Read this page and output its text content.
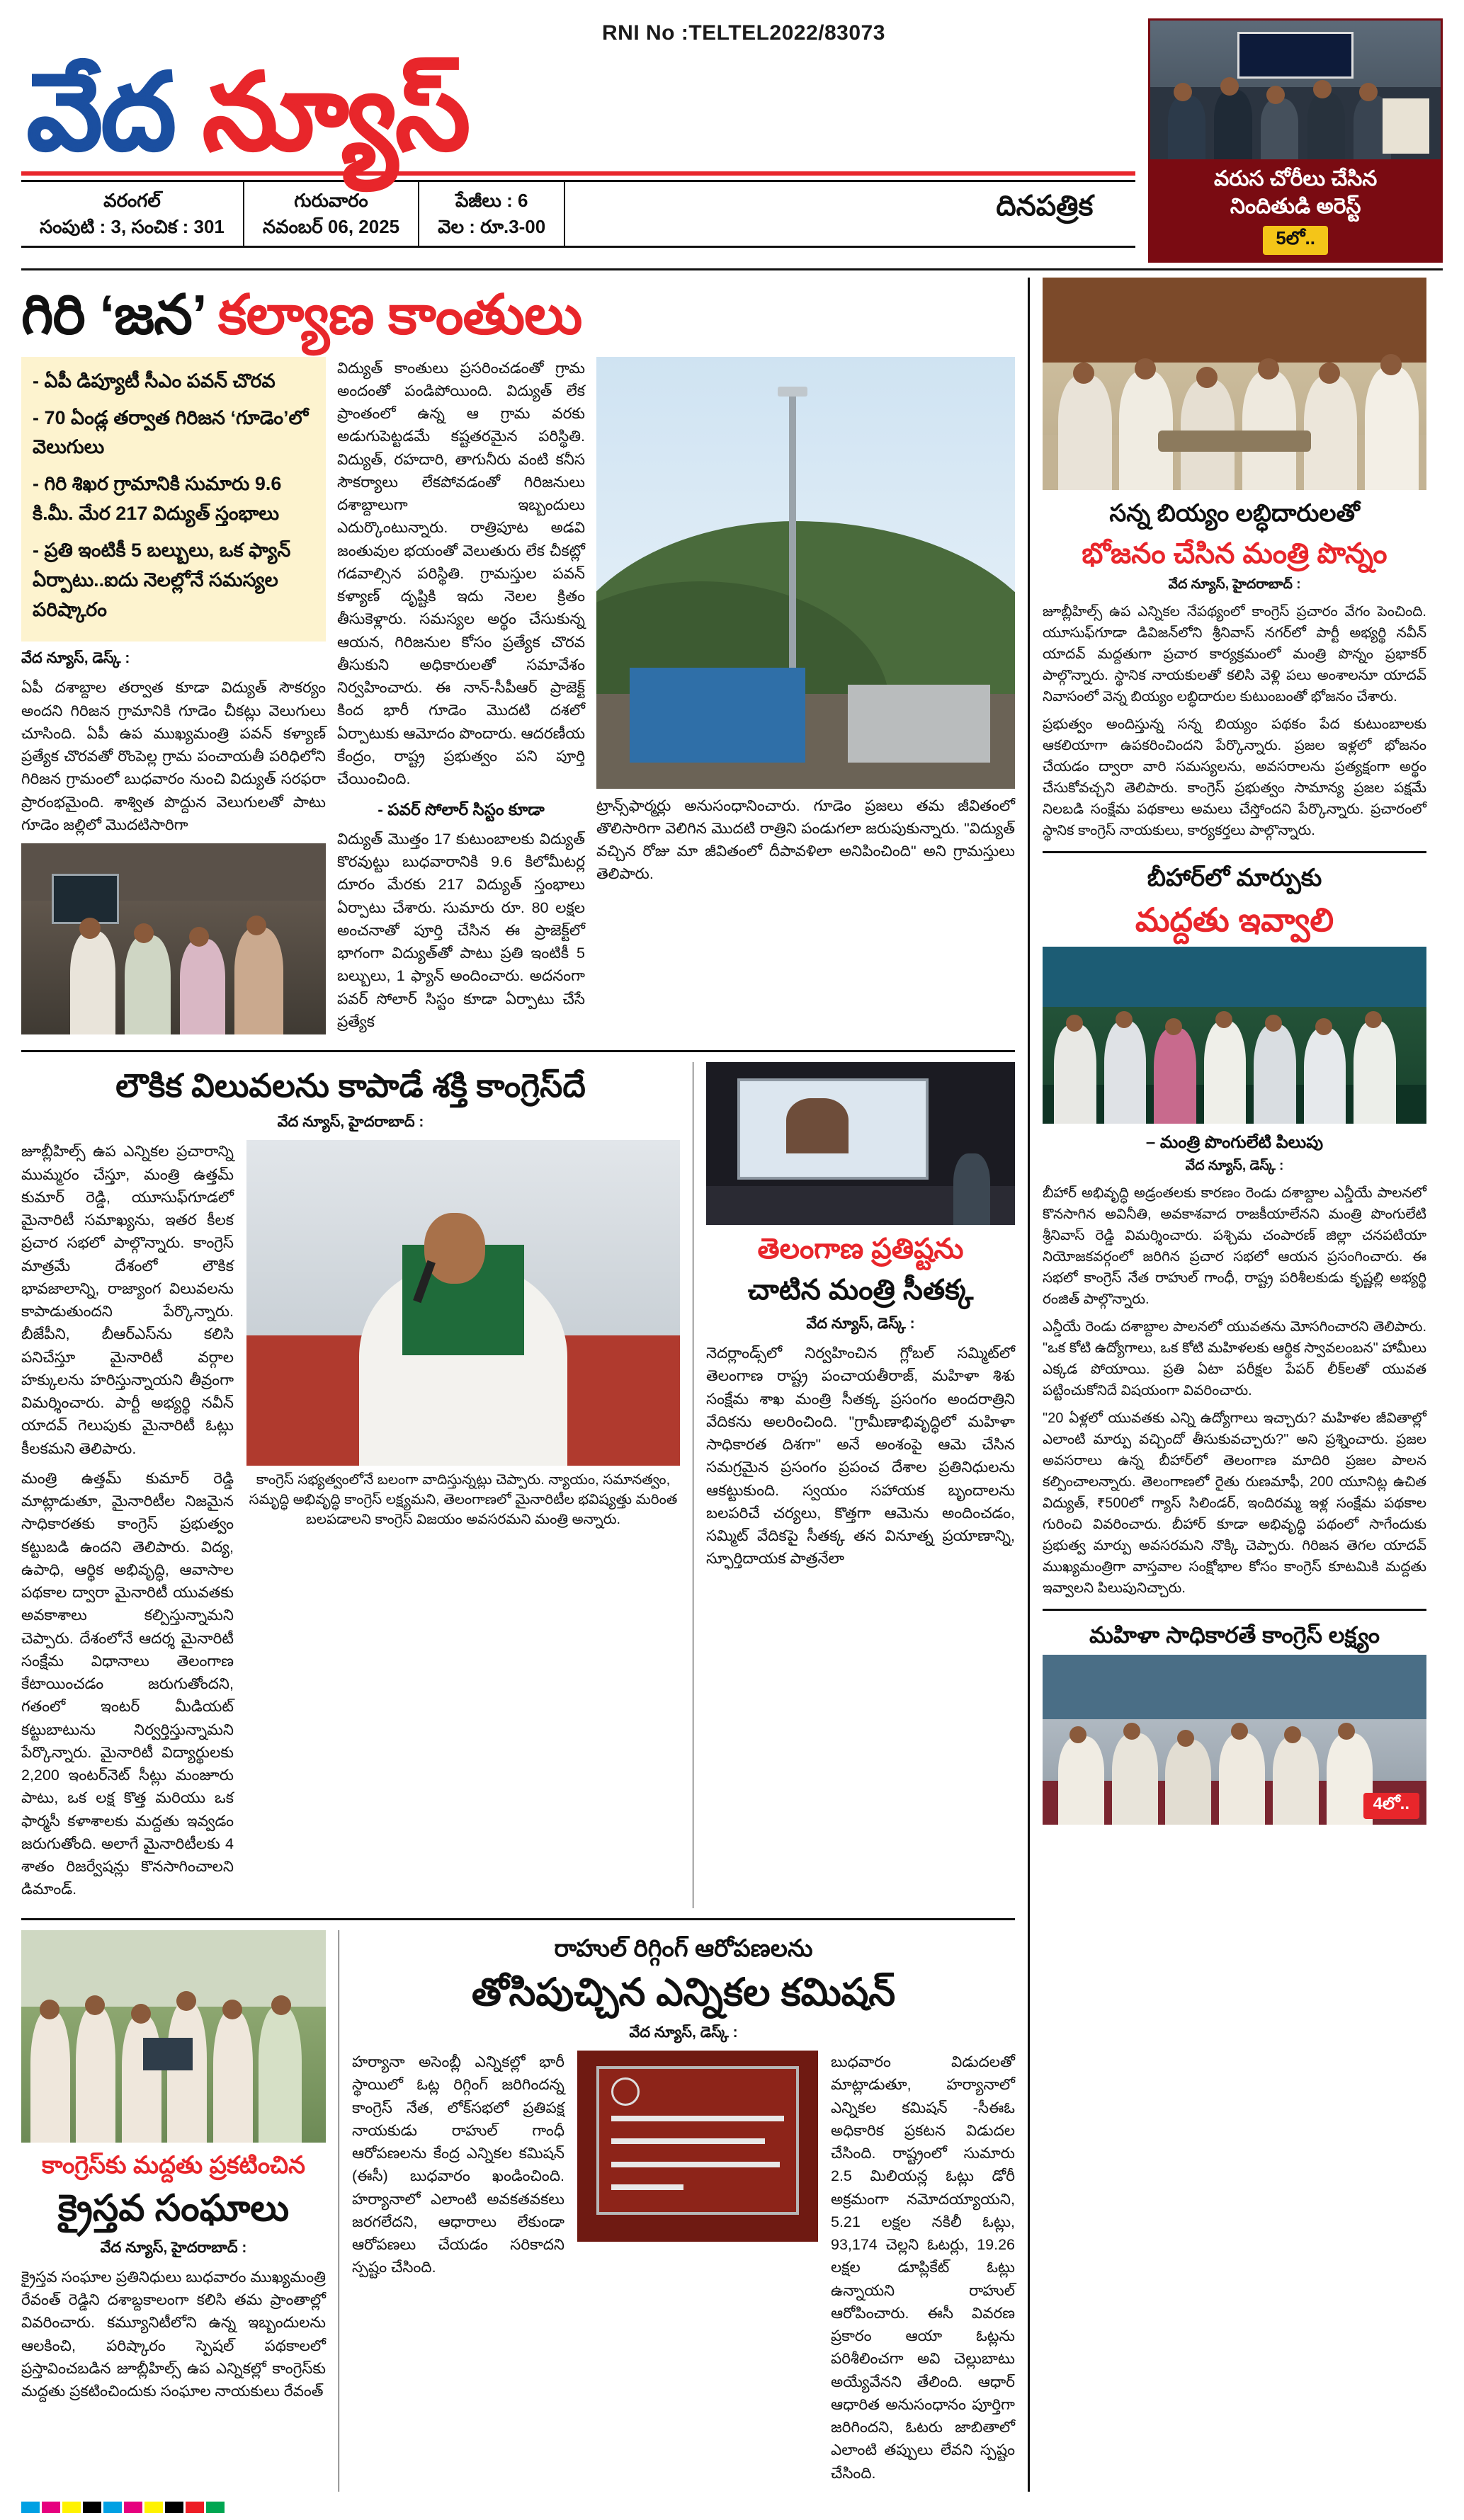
RNI No :TELTEL2022/83073
వేద న్యూస్
దినపత్రిక
వరంగల్
సంపుటి : 3, సంచిక : 301
గురువారం
నవంబర్ 06, 2025
పేజీలు : 6
వెల : రూ.3-00
వరుస చోరీలు చేసిన
నిందితుడి అరెస్ట్
5లో..
గిరి ‘జన’ కల్యాణ కాంతులు
- ఏపీ డిప్యూటీ సీఎం పవన్ చొరవ
- 70 ఏండ్ల తర్వాత గిరిజన ‘గూడెం’లో వెలుగులు
- గిరి శిఖర గ్రామానికి సుమారు 9.6 కి.మీ. మేర 217 విద్యుత్ స్తంభాలు
- ప్రతి ఇంటికీ 5 బల్బులు, ఒక ఫ్యాన్ ఏర్పాటు..ఐదు నెలల్లోనే సమస్యల పరిష్కారం
వేద న్యూస్, డెస్క్ :

ఏపీ దశాబ్దాల తర్వాత కూడా విద్యుత్ సౌకర్యం అందని గిరిజన గ్రామానికి గూడెం చీకట్లు వెలుగులు చూసింది. ఏపీ ఉప ముఖ్యమంత్రి పవన్ కళ్యాణ్ ప్రత్యేక చొరవతో రొంపెల్ల గ్రామ పంచాయతీ పరిధిలోని గిరిజన గ్రామంలో బుధవారం నుంచి విద్యుత్ సరఫరా ప్రారంభమైంది. శాశ్విత పొద్దున వెలుగులతో పాటు గూడెం జల్లిలో మొదటిసారిగా

విద్యుత్ కాంతులు ప్రసరించడంతో గ్రామ అందంతో పండిపోయింది. విద్యుత్ లేక ప్రాంతంలో ఉన్న ఆ గ్రామ వరకు అడుగుపెట్టడమే కష్టతరమైన పరిస్థితి. విద్యుత్, రహదారి, తాగునీరు వంటి కనీస సౌకర్యాలు లేకపోవడంతో గిరిజనులు దశాబ్దాలుగా ఇబ్బందులు ఎదుర్కొంటున్నారు. రాత్రిపూట అడవి జంతువుల భయంతో వెలుతురు లేక చీకట్లో గడవాల్సిన పరిస్థితి. గ్రామస్తుల పవన్ కళ్యాణ్ దృష్టికి ఇదు నెలల క్రితం తీసుకెళ్లారు. సమస్యల అర్థం చేసుకున్న ఆయన, గిరిజనుల కోసం ప్రత్యేక చొరవ తీసుకుని అధికారులతో సమావేశం నిర్వహించారు. ఈ నాన్-సీపీఆర్ ప్రాజెక్ట్ కింద భారీ గూడెం మొదటి దశలో ఏర్పాటుకు ఆమోదం పొందారు. ఆదరణీయ కేంద్రం, రాష్ట్ర ప్రభుత్వం పని పూర్తి చేయించింది.

- పవర్ సోలార్ సిస్టం కూడా

విద్యుత్ మొత్తం 17 కుటుంబాలకు విద్యుత్ కొరవుట్టు బుధవారానికి 9.6 కిలోమీటర్ల దూరం మేరకు 217 విద్యుత్ స్తంభాలు ఏర్పాటు చేశారు. సుమారు రూ. 80 లక్షల అంచనాతో పూర్తి చేసిన ఈ ప్రాజెక్ట్‌లో భాగంగా విద్యుత్‌తో పాటు ప్రతి ఇంటికీ 5 బల్బులు, 1 ఫ్యాన్ అందించారు. అదనంగా పవర్ సోలార్ సిస్టం కూడా ఏర్పాటు చేసే ప్రత్యేక

ట్రాన్స్‌ఫార్మర్లు అనుసంధానించారు. గూడెం ప్రజలు తమ జీవితంలో తొలిసారిగా వెలిగిన మొదటి రాత్రిని పండుగలా జరుపుకున్నారు. "విద్యుత్ వచ్చిన రోజు మా జీవితంలో దీపావళిలా అనిపించింది" అని గ్రామస్తులు తెలిపారు.

లౌకిక విలువలను కాపాడే శక్తి కాంగ్రెస్‌దే
వేద న్యూస్, హైదరాబాద్ :

జూబ్లీహిల్స్ ఉప ఎన్నికల ప్రచారాన్ని ముమ్మరం చేస్తూ, మంత్రి ఉత్తమ్ కుమార్ రెడ్డి, యూసుఫ్‌గూడలో మైనారిటీ సమాఖ్యను, ఇతర కీలక ప్రచార సభలో పాల్గొన్నారు. కాంగ్రెస్ మాత్రమే దేశంలో లౌకిక భావజాలాన్ని, రాజ్యాంగ విలువలను కాపాడుతుందని పేర్కొన్నారు. బీజేపీని, బీఆర్ఎస్‌ను కలిసి పనిచేస్తూ మైనారిటీ వర్గాల హక్కులను హరిస్తున్నాయని తీవ్రంగా విమర్శించారు. పార్టీ అభ్యర్థి నవీన్ యాదవ్ గెలుపుకు మైనారిటీ ఓట్లు కీలకమని తెలిపారు.

మంత్రి ఉత్తమ్ కుమార్ రెడ్డి మాట్లాడుతూ, మైనారిటీల నిజమైన సాధికారతకు కాంగ్రెస్ ప్రభుత్వం కట్టుబడి ఉందని తెలిపారు. విద్య, ఉపాధి, ఆర్థిక అభివృద్ధి, ఆవాసాల పథకాల ద్వారా మైనారిటీ యువతకు అవకాశాలు కల్పిస్తున్నామని చెప్పారు. దేశంలోనే ఆదర్శ మైనారిటీ సంక్షేమ విధానాలు తెలంగాణ కేటాయించడం జరుగుతోందని, గతంలో ఇంటర్ మీడియట్ కట్టుబాటును నిర్వర్తిస్తున్నామని పేర్కొన్నారు. మైనారిటీ విద్యార్థులకు 2,200 ఇంటర్‌నెట్ సీట్లు మంజూరు పాటు, ఒక లక్ష కొత్త మరియు ఒక ఫార్మసీ కళాశాలకు మద్దతు ఇవ్వడం జరుగుతోంది. అలాగే మైనారిటీలకు 4 శాతం రిజర్వేషన్లు కొనసాగించాలని డిమాండ్.

కాంగ్రెస్ సభ్యత్వంలోనే బలంగా వాదిస్తున్నట్లు చెప్పారు. న్యాయం, సమానత్వం, సమృద్ధి అభివృద్ధి కాంగ్రెస్ లక్ష్యమని, తెలంగాణలో మైనారిటీల భవిష్యత్తు మరింత బలపడాలని కాంగ్రెస్ విజయం అవసరమని మంత్రి అన్నారు.
తెలంగాణ ప్రతిష్టను
చాటిన మంత్రి సీతక్క
వేద న్యూస్, డెస్క్ :

నెదర్లాండ్స్‌లో నిర్వహించిన గ్లోబల్ సమ్మిట్‌లో తెలంగాణ రాష్ట్ర పంచాయతీరాజ్, మహిళా శిశు సంక్షేమ శాఖ మంత్రి సీతక్క ప్రసంగం అందరాత్రిని వేదికను అలరించింది. "గ్రామీణాభివృద్ధిలో మహిళా సాధికారత దిశగా" అనే అంశంపై ఆమె చేసిన సమగ్రమైన ప్రసంగం ప్రపంచ దేశాల ప్రతినిధులను ఆకట్టుకుంది. స్వయం సహాయక బృందాలను బలపరిచే చర్యలు, కొత్తగా ఆమెను అందించడం, సమ్మిట్ వేదికపై సీతక్క తన వినూత్న ప్రయాణాన్ని, స్ఫూర్తిదాయక పాత్రనేలా

కాంగ్రెస్‌కు మద్దతు ప్రకటించిన
క్రైస్తవ సంఘాలు
వేద న్యూస్, హైదరాబాద్ :

క్రైస్తవ సంఘాల ప్రతినిధులు బుధవారం ముఖ్యమంత్రి రేవంత్ రెడ్డిని దశాబ్దకాలంగా కలిసి తమ ప్రాంతాల్లో వివరించారు. కమ్యూనిటీలోని ఉన్న ఇబ్బందులను ఆలకించి, పరిష్కారం స్పెషల్ పథకాలలో ప్రస్తావించబడిన జూబ్లీహిల్స్ ఉప ఎన్నికల్లో కాంగ్రెస్‌కు మద్దతు ప్రకటించిందుకు సంఘాల నాయకులు రేవంత్

రాహుల్ రిగ్గింగ్ ఆరోపణలను
తోసిపుచ్చిన ఎన్నికల కమిషన్
వేద న్యూస్, డెస్క్ :

హర్యానా అసెంబ్లీ ఎన్నికల్లో భారీ స్థాయిలో ఓట్ల రిగ్గింగ్ జరిగిందన్న కాంగ్రెస్ నేత, లోక్‌సభలో ప్రతిపక్ష నాయకుడు రాహుల్ గాంధీ ఆరోపణలను కేంద్ర ఎన్నికల కమిషన్ (ఈసీ) బుధవారం ఖండించింది. హర్యానాలో ఎలాంటి అవకతవకలు జరగలేదని, ఆధారాలు లేకుండా ఆరోపణలు చేయడం సరికాదని స్పష్టం చేసింది.

బుధవారం విడుదలతో మాట్లాడుతూ, హర్యానాలో ఎన్నికల కమిషన్ -సీఈఓ అధికారిక ప్రకటన విడుదల చేసింది. రాష్ట్రంలో సుమారు 2.5 మిలియన్ల ఓట్లు డోరీ అక్రమంగా నమోదయ్యాయని, 5.21 లక్షల నకిలీ ఓట్లు, 93,174 చెల్లని ఓటర్లు, 19.26 లక్షల డూప్లికేట్ ఓట్లు ఉన్నాయని రాహుల్ ఆరోపించారు. ఈసీ వివరణ ప్రకారం ఆయా ఓట్లను పరిశీలించగా అవి చెల్లుబాటు అయ్యేవేనని తేలింది. ఆధార్ ఆధారిత అనుసంధానం పూర్తిగా జరిగిందని, ఓటరు జాబితాలో ఎలాంటి తప్పులు లేవని స్పష్టం చేసింది.

సన్న బియ్యం లబ్ధిదారులతో
భోజనం చేసిన మంత్రి పొన్నం
వేద న్యూస్, హైదరాబాద్ :

జూబ్లీహిల్స్ ఉప ఎన్నికల నేపథ్యంలో కాంగ్రెస్ ప్రచారం వేగం పెంచింది. యూసుఫ్‌గూడా డివిజన్‌లోని శ్రీనివాస్ నగర్‌లో పార్టీ అభ్యర్థి నవీన్ యాదవ్ మద్దతుగా ప్రచార కార్యక్రమంలో మంత్రి పొన్నం ప్రభాకర్ పాల్గొన్నారు. స్థానిక నాయకులతో కలిసి వెళ్లి పలు అంశాలనూ యాదవ్ నివాసంలో వెన్న బియ్యం లబ్ధిదారుల కుటుంబంతో భోజనం చేశారు.

ప్రభుత్వం అందిస్తున్న సన్న బియ్యం పథకం పేద కుటుంబాలకు ఆకలియాగా ఉపకరించిందని పేర్కొన్నారు. ప్రజల ఇళ్లలో భోజనం చేయడం ద్వారా వారి సమస్యలను, అవసరాలను ప్రత్యక్షంగా అర్థం చేసుకోవచ్చని తెలిపారు. కాంగ్రెస్ ప్రభుత్వం సామాన్య ప్రజల పక్షమే నిలబడి సంక్షేమ పథకాలు అమలు చేస్తోందని పేర్కొన్నారు. ప్రచారంలో స్థానిక కాంగ్రెస్ నాయకులు, కార్యకర్తలు పాల్గొన్నారు.

బీహార్‌లో మార్పుకు
మద్దతు ఇవ్వాలి
– మంత్రి పొంగులేటి పిలుపు
వేద న్యూస్, డెస్క్ :

బీహార్ అభివృద్ధి అడ్రంతలకు కారణం రెండు దశాబ్దాల ఎన్డీయే పాలనలో కొనసాగిన అవినీతి, అవకాశవాద రాజకీయాలేనని మంత్రి పొంగులేటి శ్రీనివాస్ రెడ్డి విమర్శించారు. పశ్చిమ చంపారణ్ జిల్లా చనపటియా నియోజకవర్గంలో జరిగిన ప్రచార సభలో ఆయన ప్రసంగించారు. ఈ సభలో కాంగ్రెస్ నేత రాహుల్ గాంధీ, రాష్ట్ర పరిశీలకుడు కృష్ణల్లి అభ్యర్థి రంజిత్ పాల్గొన్నారు.

ఎన్డీయే రెండు దశాబ్దాల పాలనలో యువతను మోసగించారని తెలిపారు. "ఒక కోటి ఉద్యోగాలు, ఒక కోటి మహిళలకు ఆర్థిక స్వావలంబన" హామీలు ఎక్కడ పోయాయి. ప్రతి ఏటా పరీక్షల పేపర్ లీక్‌లతో యువత పట్టించుకోనిదే విషయంగా వివరించారు.

"20 ఏళ్లలో యువతకు ఎన్ని ఉద్యోగాలు ఇచ్చారు? మహిళల జీవితాల్లో ఎలాంటి మార్పు వచ్చిందో తీసుకువచ్చారు?" అని ప్రశ్నించారు. ప్రజల అవసరాలు ఉన్న బీహార్‌లో తెలంగాణ మాదిరి ప్రజల పాలన కల్పించాలన్నారు. తెలంగాణలో రైతు రుణమాఫీ, 200 యూనిట్ల ఉచిత విద్యుత్, ₹500లో గ్యాస్ సిలిండర్, ఇందిరమ్మ ఇళ్ల సంక్షేమ పథకాల గురించి వివరించారు. బీహార్ కూడా అభివృద్ధి పథంలో సాగేందుకు ప్రభుత్వ మార్పు అవసరమని నొక్కి చెప్పారు. గిరిజన తెగల యాదవ్ ముఖ్యమంత్రిగా వాస్తవాల సంక్షోభాల కోసం కాంగ్రెస్ కూటమికి మద్దతు ఇవ్వాలని పిలుపునిచ్చారు.

మహిళా సాధికారతే కాంగ్రెస్ లక్ష్యం
4లో..
